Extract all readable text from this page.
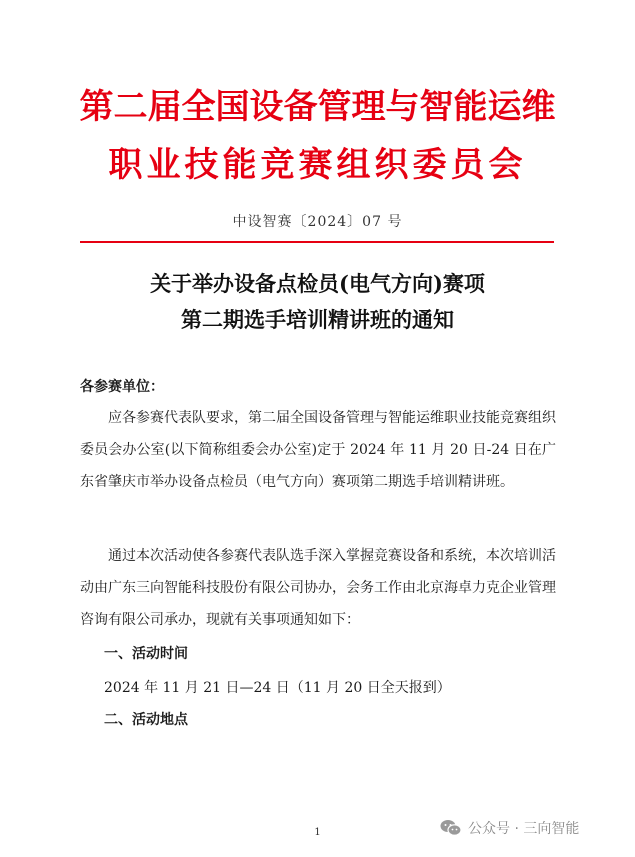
第二届全国设备管理与智能运维
职业技能竞赛组织委员会
中设智赛〔2024〕07 号
关于举办设备点检员(电气方向)赛项
第二期选手培训精讲班的通知
各参赛单位：
应各参赛代表队要求，第二届全国设备管理与智能运维职业技能竞赛组织委员会办公室(以下简称组委会办公室)定于 2024 年 11 月 20 日-24 日在广东省肇庆市举办设备点检员（电气方向）赛项第二期选手培训精讲班。
通过本次活动使各参赛代表队选手深入掌握竞赛设备和系统，本次培训活动由广东三向智能科技股份有限公司协办，会务工作由北京海卓力克企业管理咨询有限公司承办，现就有关事项通知如下：
一、活动时间
2024 年 11 月 21 日—24 日（11 月 20 日全天报到）
二、活动地点
1	公众号 · 三向智能
